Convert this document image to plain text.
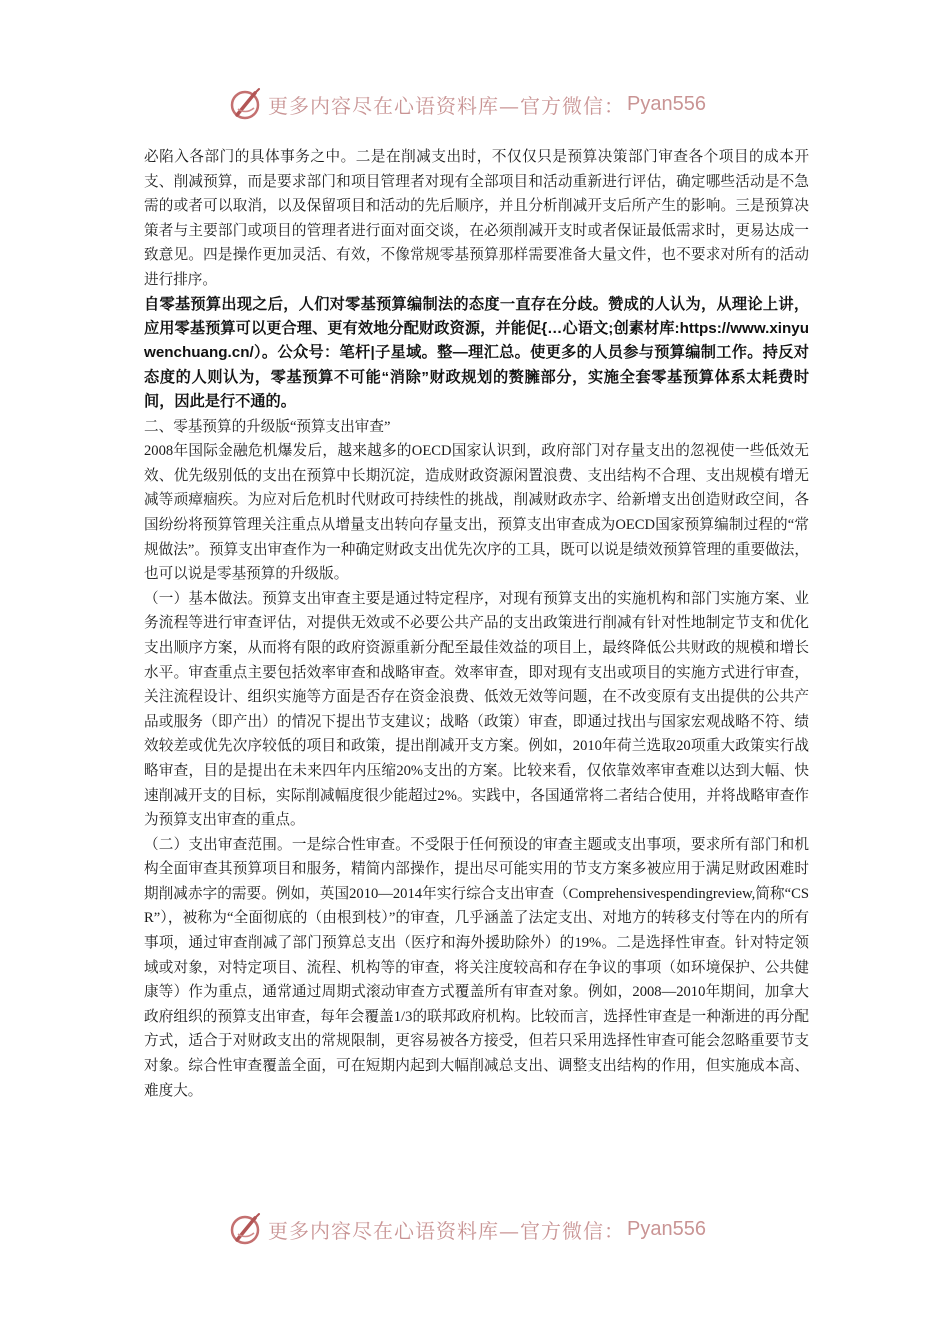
更多内容尽在心语资料库—官方微信： Pyan556

必陷入各部门的具体事务之中。二是在削减支出时，不仅仅只是预算决策部门审查各个项目的成本开支、削减预算，而是要求部门和项目管理者对现有全部项目和活动重新进行评估，确定哪些活动是不急需的或者可以取消，以及保留项目和活动的先后顺序，并且分析削减开支后所产生的影响。三是预算决策者与主要部门或项目的管理者进行面对面交谈，在必须削减开支时或者保证最低需求时，更易达成一致意见。四是操作更加灵活、有效，不像常规零基预算那样需要准备大量文件，也不要求对所有的活动进行排序。

自零基预算出现之后，人们对零基预算编制法的态度一直存在分歧。赞成的人认为，从理论上讲，应用零基预算可以更合理、更有效地分配财政资源，并能促{…心语文;创素材库:https://www.xinyuwenchuang.cn/）。公众号：笔杆|子星域。整—理汇总。使更多的人员参与预算编制工作。持反对态度的人则认为，零基预算不可能“消除”财政规划的赘臃部分，实施全套零基预算体系太耗费时间，因此是行不通的。

二、零基预算的升级版“预算支出审查”

2008年国际金融危机爆发后，越来越多的OECD国家认识到，政府部门对存量支出的忽视使一些低效无效、优先级别低的支出在预算中长期沉淀，造成财政资源闲置浪费、支出结构不合理、支出规模有增无减等顽瘴痼疾。为应对后危机时代财政可持续性的挑战，削减财政赤字、给新增支出创造财政空间，各国纷纷将预算管理关注重点从增量支出转向存量支出，预算支出审查成为OECD国家预算编制过程的“常规做法”。预算支出审查作为一种确定财政支出优先次序的工具，既可以说是绩效预算管理的重要做法，也可以说是零基预算的升级版。

（一）基本做法。预算支出审查主要是通过特定程序，对现有预算支出的实施机构和部门实施方案、业务流程等进行审查评估，对提供无效或不必要公共产品的支出政策进行削减有针对性地制定节支和优化支出顺序方案，从而将有限的政府资源重新分配至最佳效益的项目上，最终降低公共财政的规模和增长水平。审查重点主要包括效率审查和战略审查。效率审查，即对现有支出或项目的实施方式进行审查，关注流程设计、组织实施等方面是否存在资金浪费、低效无效等问题，在不改变原有支出提供的公共产品或服务（即产出）的情况下提出节支建议；战略（政策）审查，即通过找出与国家宏观战略不符、绩效较差或优先次序较低的项目和政策，提出削减开支方案。例如，2010年荷兰选取20项重大政策实行战略审查，目的是提出在未来四年内压缩20%支出的方案。比较来看，仅依靠效率审查难以达到大幅、快速削减开支的目标，实际削减幅度很少能超过2%。实践中，各国通常将二者结合使用，并将战略审查作为预算支出审查的重点。

（二）支出审查范围。一是综合性审查。不受限于任何预设的审查主题或支出事项，要求所有部门和机构全面审查其预算项目和服务，精简内部操作，提出尽可能实用的节支方案多被应用于满足财政困难时期削减赤字的需要。例如，英国2010—2014年实行综合支出审查（Comprehensivespendingreview,简称“CSR”），被称为“全面彻底的（由根到枝）”的审查，几乎涵盖了法定支出、对地方的转移支付等在内的所有事项，通过审查削减了部门预算总支出（医疗和海外援助除外）的19%。二是选择性审查。针对特定领域或对象，对特定项目、流程、机构等的审查，将关注度较高和存在争议的事项（如环境保护、公共健康等）作为重点，通常通过周期式滚动审查方式覆盖所有审查对象。例如，2008—2010年期间，加拿大政府组织的预算支出审查，每年会覆盖1/3的联邦政府机构。比较而言，选择性审查是一种渐进的再分配方式，适合于对财政支出的常规限制，更容易被各方接受，但若只采用选择性审查可能会忽略重要节支对象。综合性审查覆盖全面，可在短期内起到大幅削减总支出、调整支出结构的作用，但实施成本高、难度大。

更多内容尽在心语资料库—官方微信： Pyan556
